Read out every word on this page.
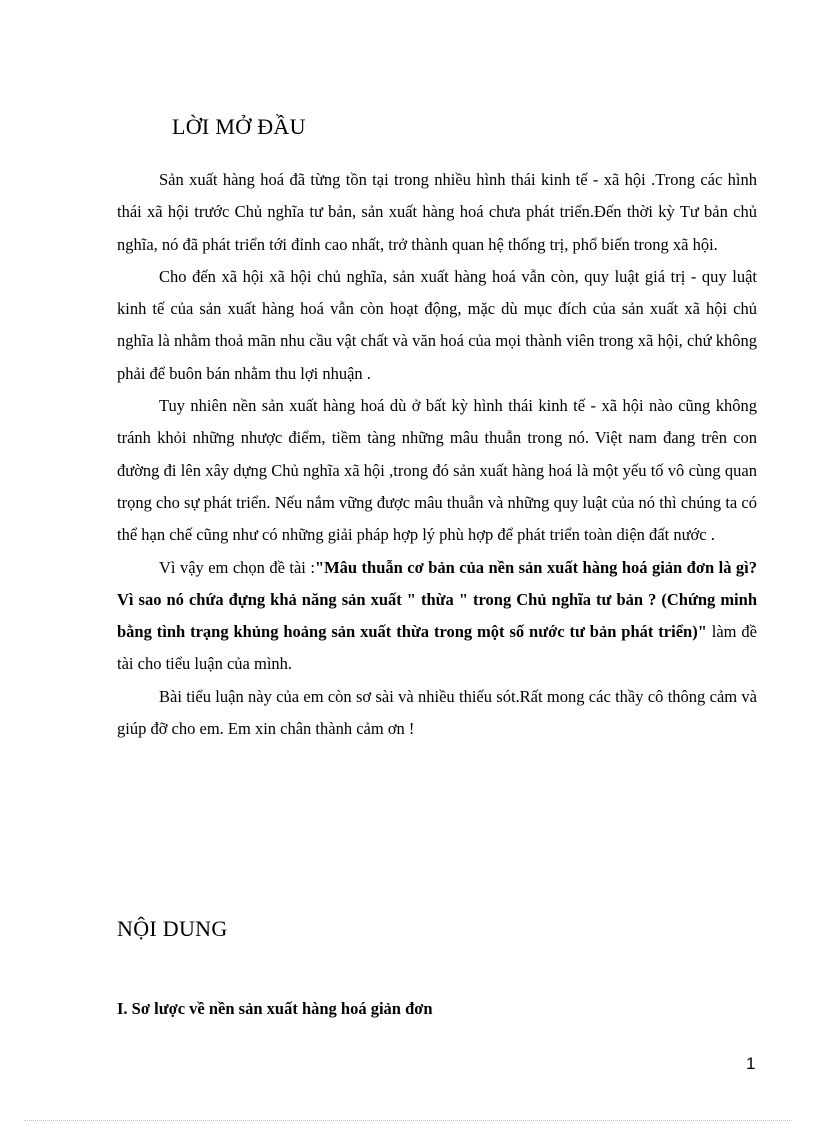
LỜI MỞ ĐẦU

Sản xuất hàng hoá đã từng tồn tại trong nhiều hình thái kinh tế - xã hội .Trong các hình thái xã hội trước Chủ nghĩa tư bản, sản xuất hàng hoá chưa phát triển.Đến thời kỳ Tư bản chủ nghĩa, nó đã phát triển tới đỉnh cao nhất, trở thành quan hệ thống trị, phổ biến trong xã hội.

Cho đến xã hội xã hội chủ nghĩa, sản xuất hàng hoá vẫn còn, quy luật giá trị - quy luật kinh tế của sản xuất hàng hoá vẫn còn hoạt động, mặc dù mục đích của sản xuất xã hội chủ nghĩa là nhằm thoả mãn nhu cầu vật chất và văn hoá của mọi thành viên trong xã hội, chứ không phải để buôn bán nhằm thu lợi nhuận .

Tuy nhiên nền sản xuất hàng hoá dù ở bất kỳ hình thái kinh tế - xã hội nào cũng không tránh khỏi những nhược điểm, tiềm tàng những mâu thuẫn trong nó. Việt nam đang trên con đường đi lên xây dựng Chủ nghĩa xã hội ,trong đó sản xuất hàng hoá là một yếu tố vô cùng quan trọng cho sự phát triển. Nếu nắm vững được mâu thuẫn và những quy luật của nó thì chúng ta có thể hạn chế cũng như có những giải pháp hợp lý phù hợp để phát triển toàn diện đất nước .

Vì vậy em chọn đề tài :"Mâu thuẫn cơ bản của nền sản xuất hàng hoá giản đơn là gì? Vì sao nó chứa đựng khả năng sản xuất " thừa " trong Chủ nghĩa tư bản ? (Chứng minh bằng tình trạng khủng hoảng sản xuất thừa trong một số nước tư bản phát triển)" làm đề tài cho tiểu luận của mình.

Bài tiểu luận này của em còn sơ sài và nhiều thiếu sót.Rất mong các thầy cô thông cảm và giúp đỡ cho em. Em xin chân thành cảm ơn !

NỘI DUNG
I. Sơ lược về nền sản xuất hàng hoá giản đơn
1
